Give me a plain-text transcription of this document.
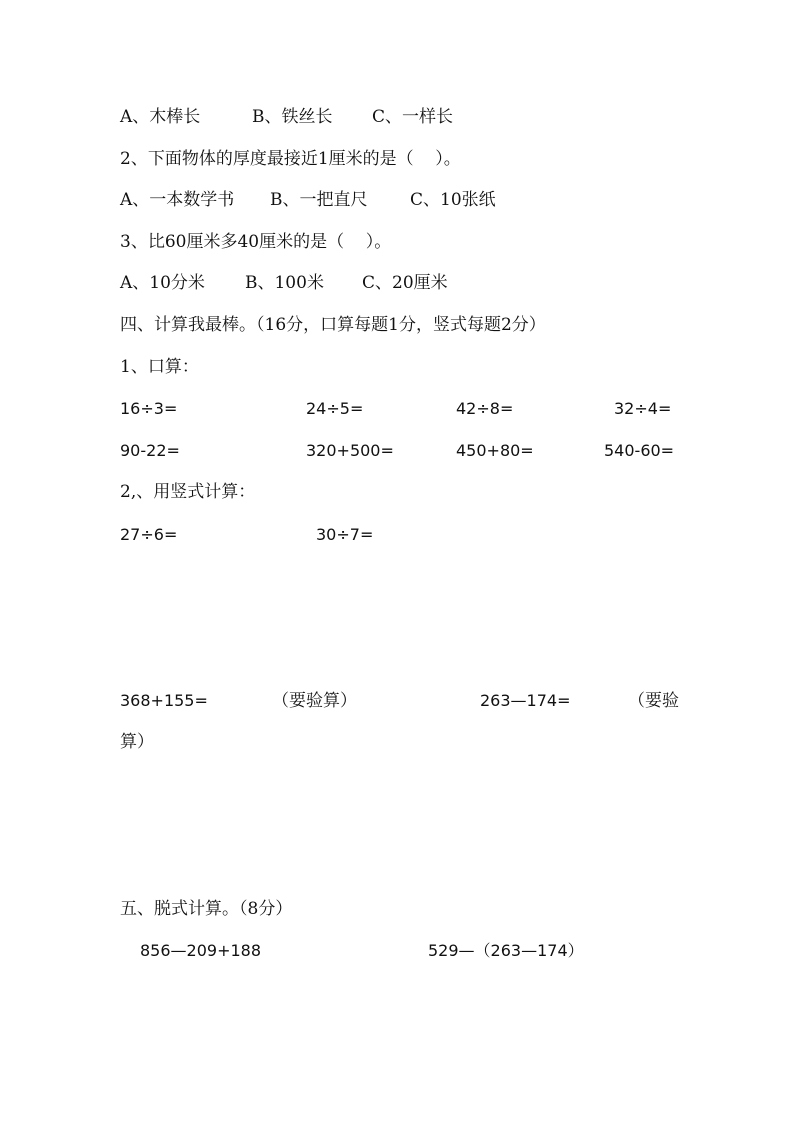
A、木棒长	B、铁丝长 C、一样长
2、下面物体的厚度最接近1厘米的是（    ）。
A、一本数学书 B、一把直尺	C、10张纸
3、比60厘米多40厘米的是（    ）。
A、10分米 B、100米 C、20厘米
四、计算我最棒。（16分，口算每题1分，竖式每题2分）
1、口算：
16÷3=	24÷5=	42÷8=	32÷4=
90-22=	320+500=	450+80=	540-60=
2,、用竖式计算：
27÷6=	30÷7=
368+155=	（要验算）	263—174=	（要验
算）
五、脱式计算。（8分）
856—209+188	529—（263—174）
